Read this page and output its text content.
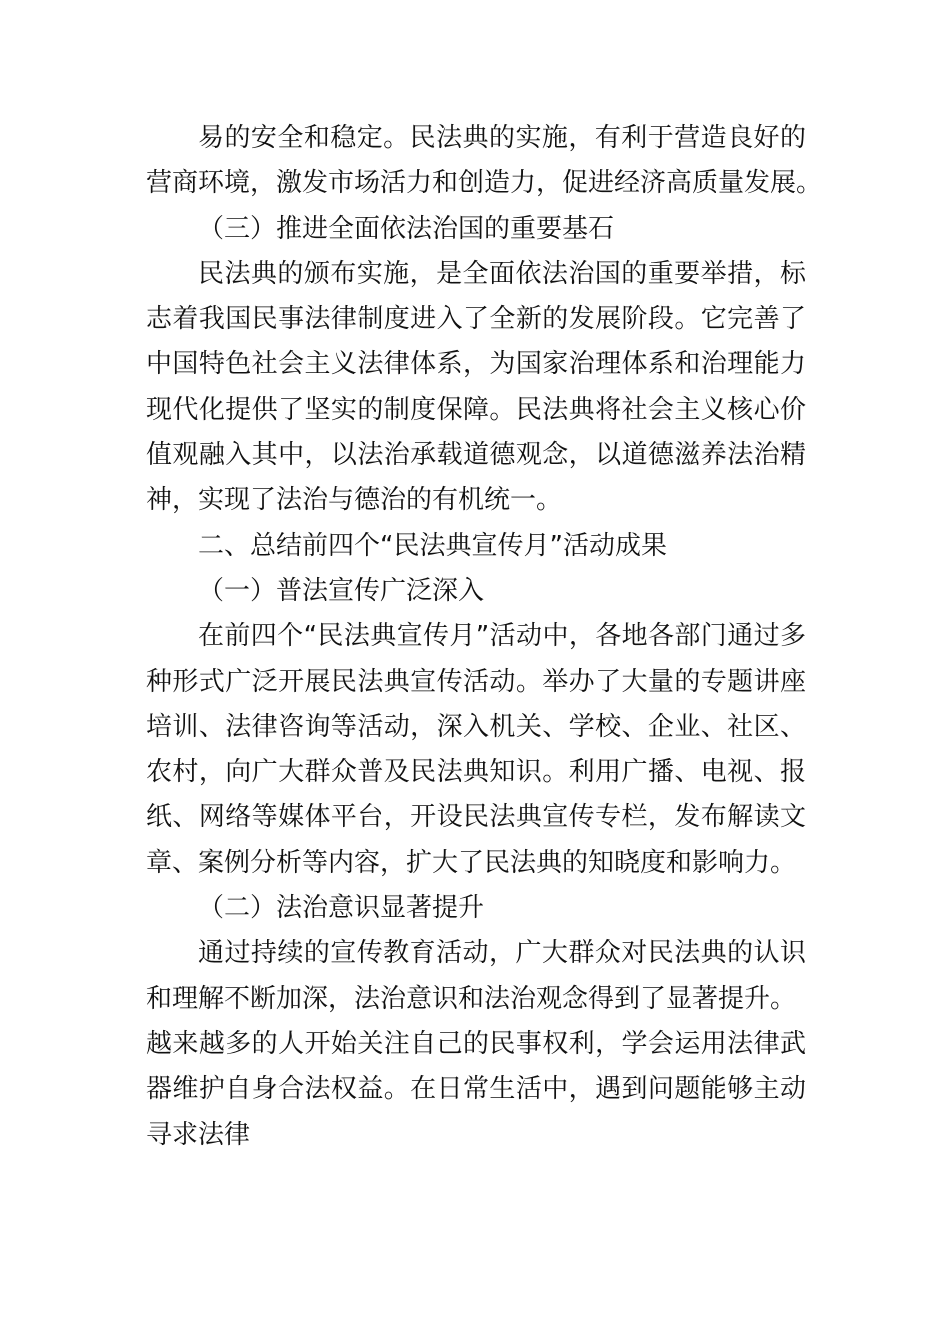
易的安全和稳定。民法典的实施，有利于营造良好的
营商环境，激发市场活力和创造力，促进经济高质量发展。
（三）推进全面依法治国的重要基石
民法典的颁布实施，是全面依法治国的重要举措，标
志着我国民事法律制度进入了全新的发展阶段。它完善了
中国特色社会主义法律体系，为国家治理体系和治理能力
现代化提供了坚实的制度保障。民法典将社会主义核心价
值观融入其中，以法治承载道德观念，以道德滋养法治精
神，实现了法治与德治的有机统一。
二、总结前四个“民法典宣传月”活动成果
（一）普法宣传广泛深入
在前四个“民法典宣传月”活动中，各地各部门通过多
种形式广泛开展民法典宣传活动。举办了大量的专题讲座
培训、法律咨询等活动，深入机关、学校、企业、社区、
农村，向广大群众普及民法典知识。利用广播、电视、报
纸、网络等媒体平台，开设民法典宣传专栏，发布解读文
章、案例分析等内容，扩大了民法典的知晓度和影响力。
（二）法治意识显著提升
通过持续的宣传教育活动，广大群众对民法典的认识
和理解不断加深，法治意识和法治观念得到了显著提升。
越来越多的人开始关注自己的民事权利，学会运用法律武
器维护自身合法权益。在日常生活中，遇到问题能够主动
寻求法律
